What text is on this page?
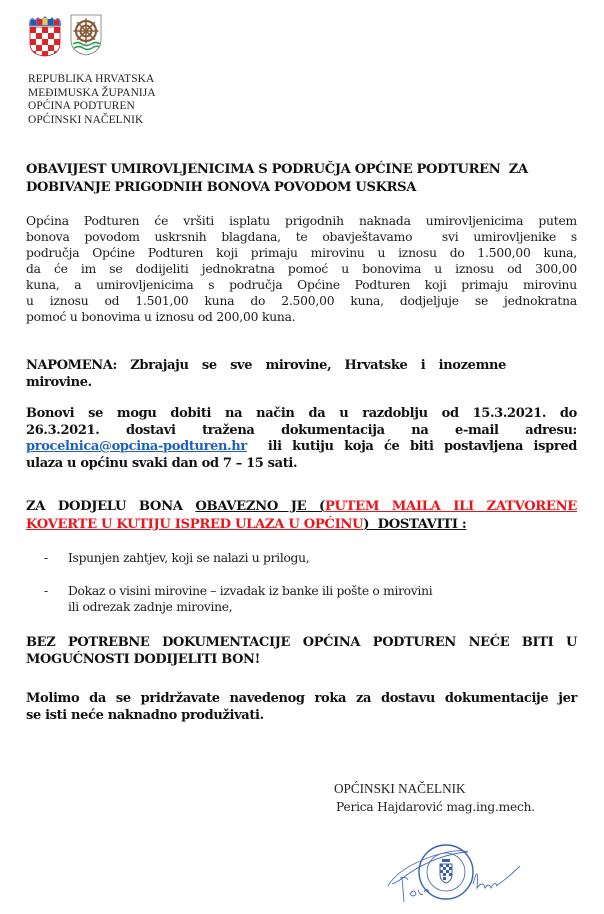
REPUBLIKA HRVATSKA
MEĐIMUSKA ŽUPANIJA
OPĆINA PODTUREN
OPĆINSKI NAČELNIK
OBAVIJEST UMIROVLJENICIMA S PODRUČJA OPĆINE PODTUREN  ZA
DOBIVANJE PRIGODNIH BONOVA POVODOM USKRSA
Općina Podturen će vršiti isplatu prigodnih naknada umirovljenicima putem
bonova povodom uskrsnih blagdana, te obavještavamo  svi umirovljenike s
područja Općine Podturen koji primaju mirovinu u iznosu do 1.500,00 kuna,
da će im se dodijeliti jednokratna pomoć u bonovima u iznosu od 300,00
kuna, a umirovljenicima s područja Općine Podturen koji primaju mirovinu
u iznosu od 1.501,00 kuna do 2.500,00 kuna, dodjeljuje se jednokratna
pomoć u bonovima u iznosu od 200,00 kuna.
NAPOMENA: Zbrajaju se sve mirovine, Hrvatske i inozemne
mirovine.
Bonovi se mogu dobiti na način da u razdoblju od 15.3.2021. do
26.3.2021. dostavi tražena dokumentacija na e-mail adresu:
procelnica@opcina-podturen.hr  ili kutiju koja će biti postavljena ispred
ulaza u općinu svaki dan od 7 – 15 sati.
ZA DODJELU BONA OBAVEZNO JE (PUTEM MAILA ILI ZATVORENE
KOVERTE U KUTIJU ISPRED ULAZA U OPĆINU)  DOSTAVITI :
- Ispunjen zahtjev, koji se nalazi u prilogu,
- Dokaz o visini mirovine – izvadak iz banke ili pošte o mirovini
ili odrezak zadnje mirovine,
BEZ POTREBNE DOKUMENTACIJE OPĆINA PODTUREN NEĆE BITI U
MOGUĆNOSTI DODIJELITI BON!
Molimo da se pridržavate navedenog roka za dostavu dokumentacije jer
se isti neće naknadno produživati.
OPĆINSKI NAČELNIK
Perica Hajdarović mag.ing.mech.
